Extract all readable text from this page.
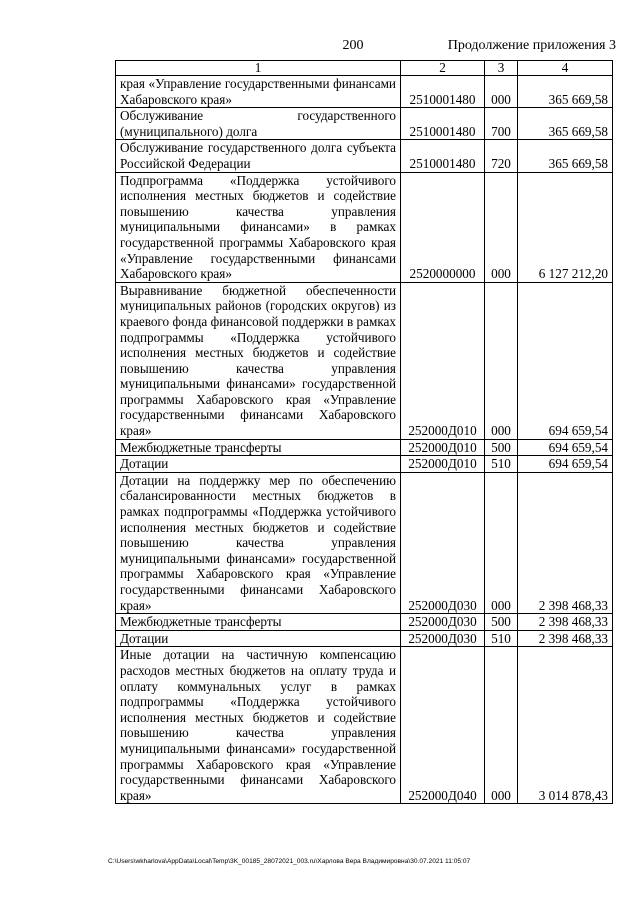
200	Продолжение приложения 3
1	2	3	4
края «Управление государственными финансами Хабаровского края»	2510001480	000	365 669,58
Обслуживание государственного (муниципального) долга	2510001480	700	365 669,58
Обслуживание государственного долга субъекта Российской Федерации	2510001480	720	365 669,58
Подпрограмма «Поддержка устойчивого исполнения местных бюджетов и содействие повышению качества управления муниципальными финансами» в рамках государственной программы Хабаровского края «Управление государственными финансами Хабаровского края»	2520000000	000	6 127 212,20
Выравнивание бюджетной обеспеченности муниципальных районов (городских округов) из краевого фонда финансовой поддержки в рамках подпрограммы «Поддержка устойчивого исполнения местных бюджетов и содействие повышению качества управления муниципальными финансами» государственной программы Хабаровского края «Управление государственными финансами Хабаровского края»	252000Д010	000	694 659,54
Межбюджетные трансферты	252000Д010	500	694 659,54
Дотации	252000Д010	510	694 659,54
Дотации на поддержку мер по обеспечению сбалансированности местных бюджетов в рамках подпрограммы «Поддержка устойчивого исполнения местных бюджетов и содействие повышению качества управления муниципальными финансами» государственной программы Хабаровского края «Управление государственными финансами Хабаровского края»	252000Д030	000	2 398 468,33
Межбюджетные трансферты	252000Д030	500	2 398 468,33
Дотации	252000Д030	510	2 398 468,33
Иные дотации на частичную компенсацию расходов местных бюджетов на оплату труда и оплату коммунальных услуг в рамках подпрограммы «Поддержка устойчивого исполнения местных бюджетов и содействие повышению качества управления муниципальными финансами» государственной программы Хабаровского края «Управление государственными финансами Хабаровского края»	252000Д040	000	3 014 878,43
C:\Users\wkharlova\AppData\Local\Temp\3K_00185_28072021_003.ru\Харлова Вера Владимировна\30.07.2021 11:05:07
